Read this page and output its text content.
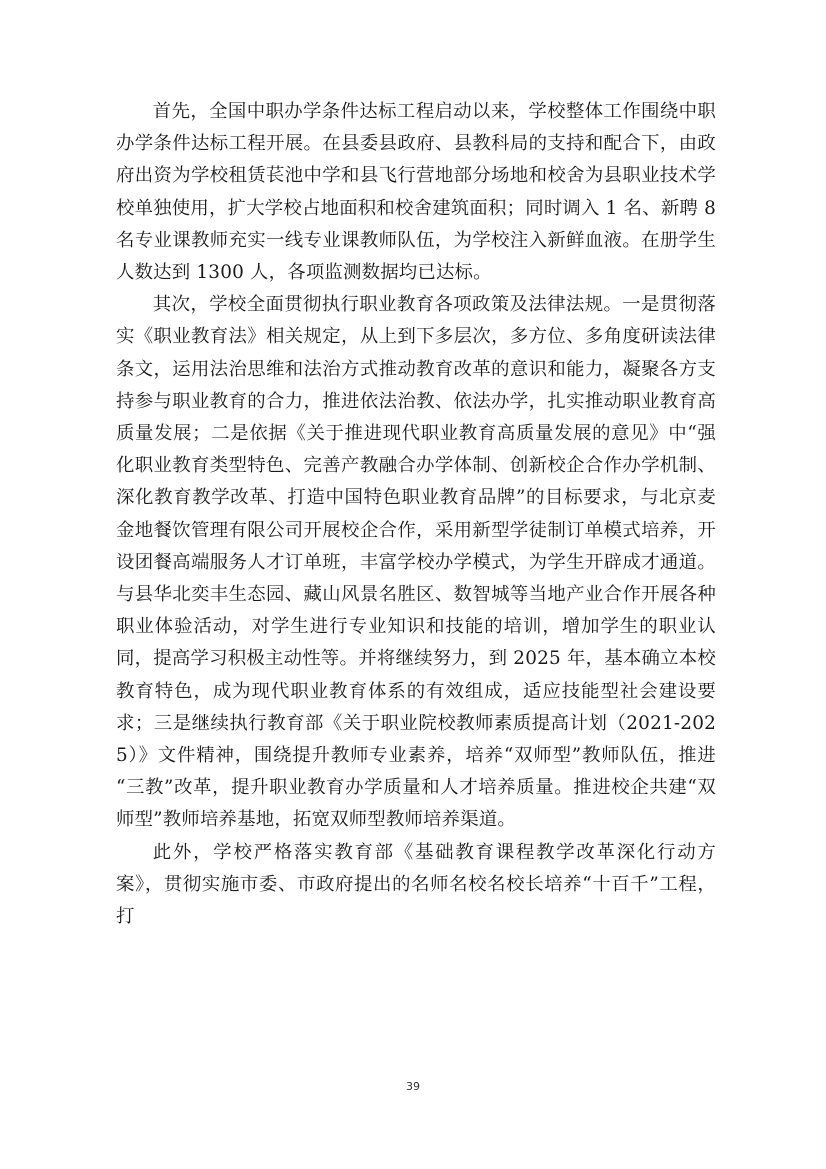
首先，全国中职办学条件达标工程启动以来，学校整体工作围绕中职办学条件达标工程开展。在县委县政府、县教科局的支持和配合下，由政府出资为学校租赁苌池中学和县飞行营地部分场地和校舍为县职业技术学校单独使用，扩大学校占地面积和校舍建筑面积；同时调入 1 名、新聘 8 名专业课教师充实一线专业课教师队伍，为学校注入新鲜血液。在册学生人数达到 1300 人，各项监测数据均已达标。

其次，学校全面贯彻执行职业教育各项政策及法律法规。一是贯彻落实《职业教育法》相关规定，从上到下多层次，多方位、多角度研读法律条文，运用法治思维和法治方式推动教育改革的意识和能力，凝聚各方支持参与职业教育的合力，推进依法治教、依法办学，扎实推动职业教育高质量发展；二是依据《关于推进现代职业教育高质量发展的意见》中“强化职业教育类型特色、完善产教融合办学体制、创新校企合作办学机制、深化教育教学改革、打造中国特色职业教育品牌”的目标要求，与北京麦金地餐饮管理有限公司开展校企合作，采用新型学徒制订单模式培养，开设团餐高端服务人才订单班，丰富学校办学模式，为学生开辟成才通道。与县华北奕丰生态园、藏山风景名胜区、数智城等当地产业合作开展各种职业体验活动，对学生进行专业知识和技能的培训，增加学生的职业认同，提高学习积极主动性等。并将继续努力，到 2025 年，基本确立本校教育特色，成为现代职业教育体系的有效组成，适应技能型社会建设要求；三是继续执行教育部《关于职业院校教师素质提高计划（2021-2025）》文件精神，围绕提升教师专业素养，培养“双师型”教师队伍，推进 “三教”改革，提升职业教育办学质量和人才培养质量。推进校企共建“双师型”教师培养基地，拓宽双师型教师培养渠道。

此外，学校严格落实教育部《基础教育课程教学改革深化行动方案》，贯彻实施市委、市政府提出的名师名校名校长培养“十百千”工程，打

39
